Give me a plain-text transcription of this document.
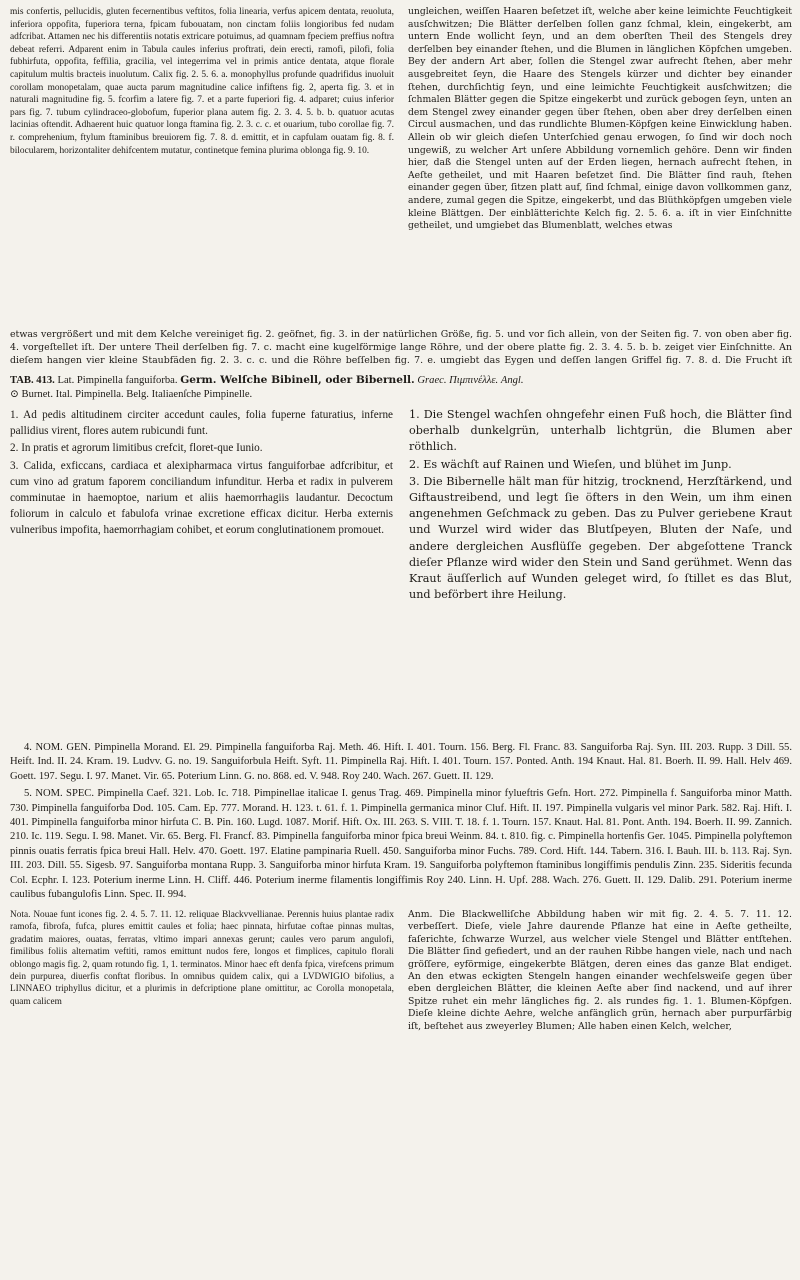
mis confertis, pellucidis, gluten fecernentibus veftitos, folia linearia, verfus apicem dentata, reuoluta, inferiora oppofita, fuperiora terna, fpicam fubouatam, non cinctam foliis longioribus fed nudam adfcribat. Attamen nec his differentiis notatis extricare potuimus, ad quamnam fpeciem preffius noftra debeat referri. Adparent enim in Tabula caules inferius proftrati, dein erecti, ramofi, pilofi, folia fubhirfuta, oppofita, feffilia, gracilia, vel integerrima vel in primis antice dentata, atque florale capitulum multis bracteis inuolutum. Calix fig. 2. 5. 6. a. monophyllus profunde quadrifidus inuoluit corollam monopetalam, quae aucta parum magnitudine calice infiftens fig. 2, aperta fig. 3. et in naturali magnitudine fig. 5. fcorfim a latere fig. 7. et a parte fuperiori fig. 4. adparet; cuius inferior pars fig. 7. tubum cylindraceo-globofum, fuperior plana autem fig. 2. 3. 4. 5. b. b. quatuor acutas lacinias oftendit. Adhaerent huic quatuor longa ftamina fig. 2. 3. c. c. et ouarium, tubo corollae fig. 7. r. comprehenium, ftylum ftaminibus breuiorem fig. 7. 8. d. emittit, et in capfulam ouatam fig. 8. f. bilocularem, horizontaliter dehifcentem mutatur, continetque femina plurima oblonga fig. 9. 10.
ungleichen, weiſſen Haaren beſetzet iſt, welche aber keine leimichte Feuchtigkeit ausſchwitzen; Die Blätter derſelben ſollen ganz ſchmal, klein, eingekerbt, am untern Ende wollicht ſeyn, und an dem oberſten Theil des Stengels drey derſelben bey einander ſtehen, und die Blumen in länglichen Köpfchen umgeben. Bey der andern Art aber, ſollen die Stengel zwar aufrecht ſtehen, aber mehr ausgebreitet ſeyn, die Haare des Stengels kürzer und dichter bey einander ſtehen, durchſichtig ſeyn, und eine leimichte Feuchtigkeit ausſchwitzen; die ſchmalen Blätter gegen die Spitze eingekerbt und zurück gebogen ſeyn, unten an dem Stengel zwey einander gegen über ſtehen, oben aber drey derſelben einen Circul ausmachen, und das rundlichte Blumen-Köpfgen keine Einwicklung haben. Allein ob wir gleich dieſen Unterſchied genau erwogen, ſo ſind wir doch noch ungewiß, zu welcher Art unſere Abbildung vornemlich gehöre. Denn wir finden hier, daß die Stengel unten auf der Erden liegen, hernach aufrecht ſtehen, in Aeſte getheilet, und mit Haaren beſetzet ſind. Die Blätter ſind rauh, ſtehen einander gegen über, ſitzen platt auf, ſind ſchmal, einige davon vollkommen ganz, andere, zumal gegen die Spitze, eingekerbt, und das Blüthköpfgen umgeben viele kleine Blättgen. Der einblätterichte Kelch fig. 2. 5. 6. a. iſt in vier Einſchnitte getheilet, und umgiebet das Blumenblatt, welches etwas
etwas vergrößert und mit dem Kelche vereiniget fig. 2. geöfnet, fig. 3. in der natürlichen Größe, fig. 5. und vor ſich allein, von der Seiten fig. 7. von oben aber fig. 4. vorgeſtellet iſt. Der untere Theil derſelben fig. 7. c. macht eine kugelförmige lange Röhre, und der obere platte fig. 2. 3. 4. 5. b. b. zeiget vier Einſchnitte. An dieſem hangen vier kleine Staubfäden fig. 2. 3. c. c. und die Röhre beſſelben fig. 7. e. umgiebt das Eygen und deſſen langen Griffel fig. 7. 8. d. Die Frucht iſt
TAB. 413. Lat. Pimpinella fanguiforba. Germ. Welſche Bibinell, oder Bibernell. Graec. Πιμπινέλλε. Angl.
⊙ Burnet. Ital. Pimpinella. Belg. Italiaenſche Pimpinelle.

1. Ad pedis altitudinem circiter accedunt caules, folia fuperne faturatius, inferne pallidius virent, flores autem rubicundi funt.

2. In pratis et agrorum limitibus crefcit, floret-que Iunio.

3. Calida, exficcans, cardiaca et alexipharmaca virtus fanguiforbae adfcribitur, et cum vino ad gratum faporem conciliandum infunditur. Herba et radix in pulverem comminutae in haemoptoe, narium et aliis haemorrhagiis laudantur. Decoctum foliorum in calculo et fabulofa vrinae excretione efficax dicitur. Herba externis vulneribus impofita, haemorrhagiam cohibet, et eorum conglutinationem promouet.

1. Die Stengel wachſen ohngefehr einen Fuß hoch, die Blätter ſind oberhalb dunkelgrün, unterhalb lichtgrün, die Blumen aber röthlich.

2. Es wächſt auf Rainen und Wieſen, und blühet im Junp.

3. Die Bibernelle hält man für hitzig, trocknend, Herzſtärkend, und Giftaustreibend, und legt ſie öfters in den Wein, um ihm einen angenehmen Geſchmack zu geben. Das zu Pulver geriebene Kraut und Wurzel wird wider das Blutſpeyen, Bluten der Naſe, und andere dergleichen Ausflüſſe gegeben. Der abgeſottene Tranck dieſer Pflanze wird wider den Stein und Sand gerühmet. Wenn das Kraut äuſſerlich auf Wunden geleget wird, ſo ſtillet es das Blut, und beförbert ihre Heilung.

4. NOM. GEN. Pimpinella Morand. El. 29. Pimpinella fanguiforba Raj. Meth. 46. Hift. I. 401. Tourn. 156. Berg. Fl. Franc. 83. Sanguiforba Raj. Syn. III. 203. Rupp. 3 Dill. 55. Heift. Ind. II. 24. Kram. 19. Ludvv. G. no. 19. Sanguiforbula Heift. Syft. 11. Pimpinella Raj. Hift. I. 401. Tourn. 157. Ponted. Anth. 194 Knaut. Hal. 81. Boerh. II. 99. Hall. Helv 469. Goett. 197. Segu. I. 97. Manet. Vir. 65. Poterium Linn. G. no. 868. ed. V. 948. Roy 240. Wach. 267. Guett. II. 129.

5. NOM. SPEC. Pimpinella Caef. 321. Lob. Ic. 718. Pimpinellae italicae I. genus Trag. 469. Pimpinella minor fylueftris Gefn. Hort. 272. Pimpinella f. Sanguiforba minor Matth. 730. Pimpinella fanguiforba Dod. 105. Cam. Ep. 777. Morand. H. 123. t. 61. f. 1. Pimpinella germanica minor Cluf. Hift. II. 197. Pimpinella vulgaris vel minor Park. 582. Raj. Hift. I. 401. Pimpinella fanguiforba minor hirfuta C. B. Pin. 160. Lugd. 1087. Morif. Hift. Ox. III. 263. S. VIII. T. 18. f. 1. Tourn. 157. Knaut. Hal. 81. Pont. Anth. 194. Boerh. II. 99. Zannich. 210. Ic. 119. Segu. I. 98. Manet. Vir. 65. Berg. Fl. Francf. 83. Pimpinella fanguiforba minor fpica breui Weinm. 84. t. 810. fig. c. Pimpinella hortenfis Ger. 1045. Pimpinella polyftemon pinnis ouatis ferratis fpica breui Hall. Helv. 470. Goett. 197. Elatine pampinaria Ruell. 450. Sanguiforba minor Fuchs. 789. Cord. Hift. 144. Tabern. 316. I. Bauh. III. b. 113. Raj. Syn. III. 203. Dill. 55. Sigesb. 97. Sanguiforba montana Rupp. 3. Sanguiforba minor hirfuta Kram. 19. Sanguiforba polyftemon ftaminibus longiffimis pendulis Zinn. 235. Sideritis fecunda Col. Ecphr. I. 123. Poterium inerme Linn. H. Cliff. 446. Poterium inerme filamentis longiffimis Roy 240. Linn. H. Upf. 288. Wach. 276. Guett. II. 129. Dalib. 291. Poterium inerme caulibus fubangulofis Linn. Spec. II. 994.

Nota. Nouae funt icones fig. 2. 4. 5. 7. 11. 12. reliquae Blackvvellianae. Perennis huius plantae radix ramofa, fibrofa, fufca, plures emittit caules et folia; haec pinnata, hirfutae coftae pinnas multas, gradatim maiores, ouatas, ferratas, vltimo impari annexas gerunt; caules vero parum angulofi, fimilibus foliis alternatim veftiti, ramos emittunt nudos fere, longos et fimplices, capitulo florali oblongo magis fig. 2, quam rotundo fig. 1, 1. terminatos. Minor haec eft denfa fpica, virefcens primum dein purpurea, diuerfis conftat floribus. In omnibus quidem calix, qui a LVDWIGIO bifolius, a LINNAEO triphyllus dicitur, et a plurimis in defcriptione plane omittitur, ac Corolla monopetala, quam calicem
Anm. Die Blackwelliſche Abbildung haben wir mit fig. 2. 4. 5. 7. 11. 12. verbeſſert. Dieſe, viele Jahre daurende Pflanze hat eine in Aeſte getheilte, faſerichte, ſchwarze Wurzel, aus welcher viele Stengel und Blätter entſtehen. Die Blätter ſind gefiedert, und an der rauhen Ribbe hangen viele, nach und nach gröſſere, eyförmige, eingekerbte Blätgen, deren eines das ganze Blat endiget. An den etwas eckigten Stengeln hangen einander wechſelsweiſe gegen über eben dergleichen Blätter, die kleinen Aeſte aber ſind nackend, und auf ihrer Spitze ruhet ein mehr längliches fig. 2. als rundes fig. 1. 1. Blumen-Köpfgen. Dieſe kleine dichte Aehre, welche anfänglich grün, hernach aber purpurfärbig iſt, beſtehet aus zweyerley Blumen; Alle haben einen Kelch, welcher,
